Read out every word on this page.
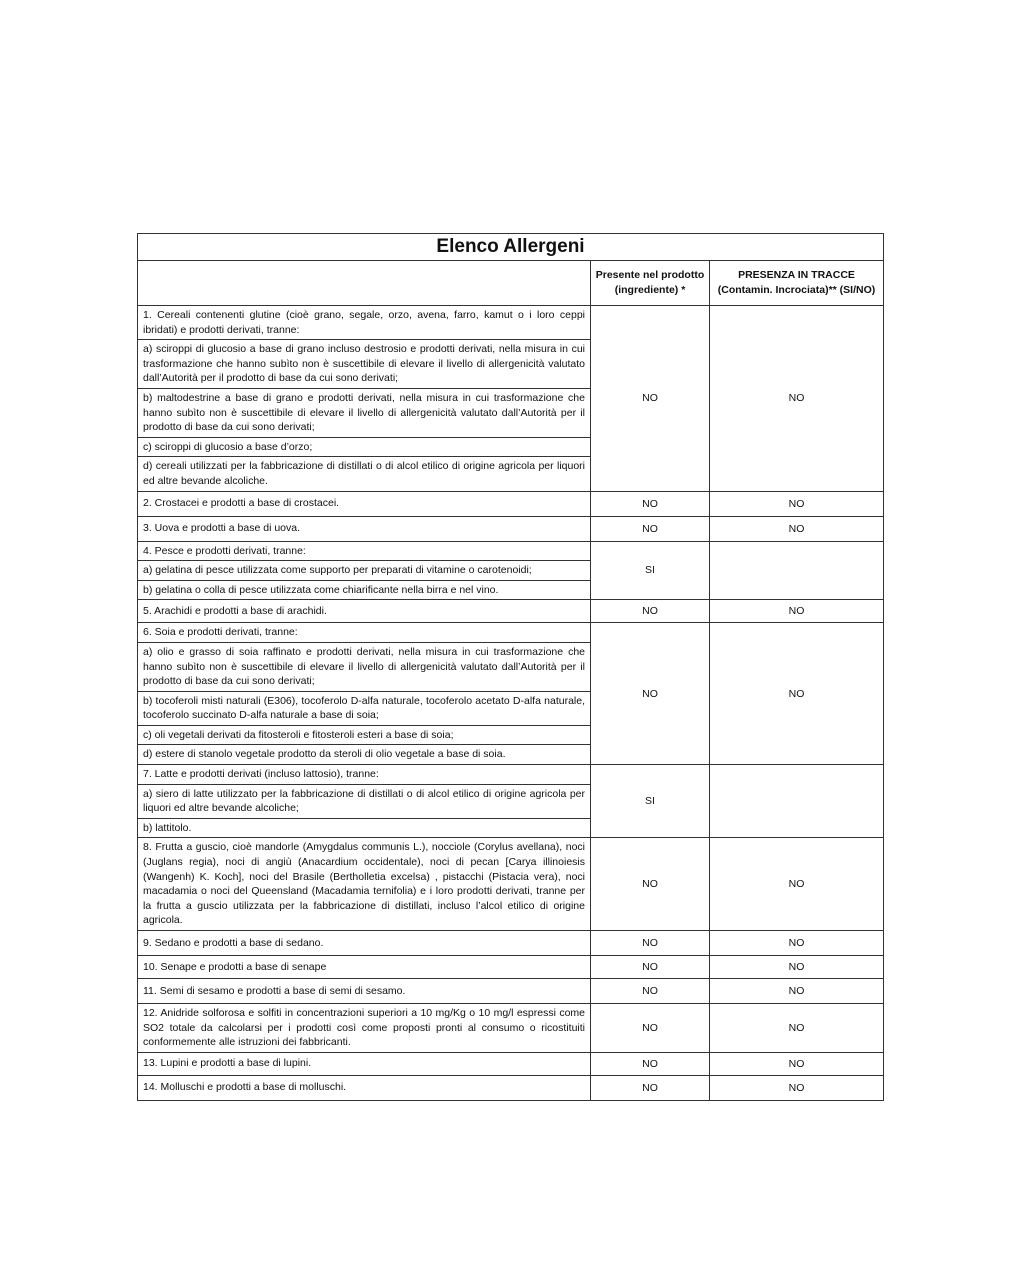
Elenco Allergeni		
	Presente nel prodotto (ingrediente) *	PRESENZA IN TRACCE (Contamin. Incrociata)** (SI/NO)

1. Cereali contenenti glutine (cioè grano, segale, orzo, avena, farro, kamut o i loro ceppi ibridati) e prodotti derivati, tranne:
a) sciroppi di glucosio a base di grano incluso destrosio e prodotti derivati, nella misura in cui trasformazione che hanno subìto non è suscettibile di elevare il livello di allergenicità valutato dall’Autorità per il prodotto di base da cui sono derivati;
b) maltodestrine a base di grano e prodotti derivati, nella misura in cui trasformazione che hanno subìto non è suscettibile di elevare il livello di allergenicità valutato dall’Autorità per il prodotto di base da cui sono derivati;
c) sciroppi di glucosio a base d’orzo;
d) cereali utilizzati per la fabbricazione di distillati o di alcol etilico di origine agricola per liquori ed altre bevande alcoliche.	NO	NO

2. Crostacei e prodotti a base di crostacei.	NO	NO

3. Uova e prodotti a base di uova.	NO	NO

4. Pesce e prodotti derivati, tranne:
a) gelatina di pesce utilizzata come supporto per preparati di vitamine o carotenoidi;
b) gelatina o colla di pesce utilizzata come chiarificante nella birra e nel vino.	SI	

5. Arachidi e prodotti a base di arachidi.	NO	NO

6. Soia e prodotti derivati, tranne:
a) olio e grasso di soia raffinato e prodotti derivati, nella misura in cui trasformazione che hanno subìto non è suscettibile di elevare il livello di allergenicità valutato dall’Autorità per il prodotto di base da cui sono derivati;
b) tocoferoli misti naturali (E306), tocoferolo D-alfa naturale, tocoferolo acetato D-alfa naturale, tocoferolo succinato D-alfa naturale a base di soia;
c) oli vegetali derivati da fitosteroli e fitosteroli esteri a base di soia;
d) estere di stanolo vegetale prodotto da steroli di olio vegetale a base di soia.	NO	NO

7. Latte e prodotti derivati (incluso lattosio), tranne:
a) siero di latte utilizzato per la fabbricazione di distillati o di alcol etilico di origine agricola per liquori ed altre bevande alcoliche;
b) lattitolo.	SI	

8. Frutta a guscio, cioè mandorle (Amygdalus communis L.), nocciole (Corylus avellana), noci (Juglans regia), noci di angiù (Anacardium occidentale), noci di pecan [Carya illinoiesis (Wangenh) K. Koch], noci del Brasile (Bertholletia excelsa) , pistacchi (Pistacia vera), noci macadamia o noci del Queensland (Macadamia ternifolia) e i loro prodotti derivati, tranne per la frutta a guscio utilizzata per la fabbricazione di distillati, incluso l’alcol etilico di origine agricola.	NO	NO

9. Sedano e prodotti a base di sedano.	NO	NO

10. Senape e prodotti a base di senape	NO	NO

11. Semi di sesamo e prodotti a base di semi di sesamo.	NO	NO

12. Anidride solforosa e solfiti in concentrazioni superiori a 10 mg/Kg o 10 mg/l espressi come SO2 totale da calcolarsi per i prodotti così come proposti pronti al consumo o ricostituiti conformemente alle istruzioni dei fabbricanti.	NO	NO

13. Lupini e prodotti a base di lupini.	NO	NO

14. Molluschi e prodotti a base di molluschi.	NO	NO
